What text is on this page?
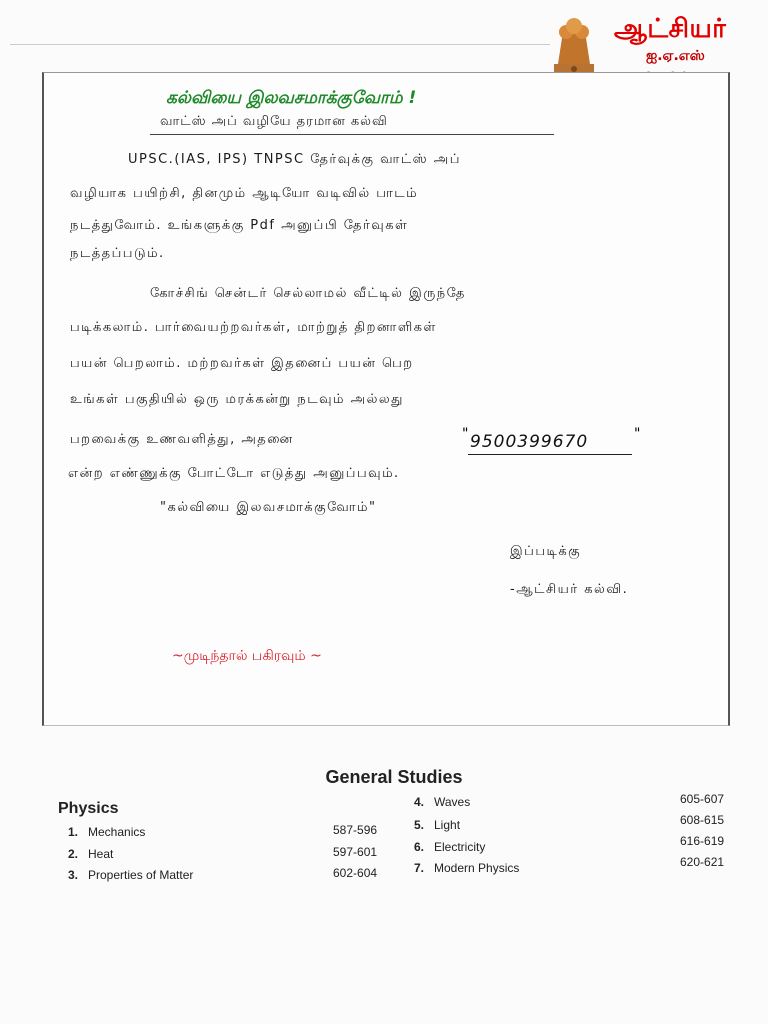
ஆட்சியர்
ஐ.ஏ.எஸ்
கல்வியை இலவசமாக்குவோம் !
வாட்ஸ் அப் வழியே தரமான கல்வி
UPSC.(IAS, IPS) TNPSC தேர்வுக்கு வாட்ஸ் அப்
வழியாக பயிற்சி, தினமும் ஆடியோ வடிவில் பாடம்
நடத்துவோம். உங்களுக்கு Pdf அனுப்பி தேர்வுகள்
நடத்தப்படும்.
கோச்சிங் சென்டர் செல்லாமல் வீட்டில் இருந்தே
படிக்கலாம். பார்வையற்றவர்கள், மாற்றுத் திறனாளிகள்
பயன் பெறலாம். மற்றவர்கள் இதனைப் பயன் பெற
உங்கள் பகுதியில் ஒரு மரக்கன்று நடவும் அல்லது
பறவைக்கு உணவளித்து, அதனை	" 9500399670	"
என்ற எண்ணுக்கு போட்டோ எடுத்து அனுப்பவும்.
"கல்வியை இலவசமாக்குவோம்"
இப்படிக்கு
-ஆட்சியர் கல்வி.
~முடிந்தால் பகிரவும் ~
General Studies
Physics
1. Mechanics	587-596
2. Heat	597-601
3. Properties of Matter	602-604
4. Waves	605-607
5. Light	608-615
6. Electricity	616-619
7. Modern Physics	620-621
